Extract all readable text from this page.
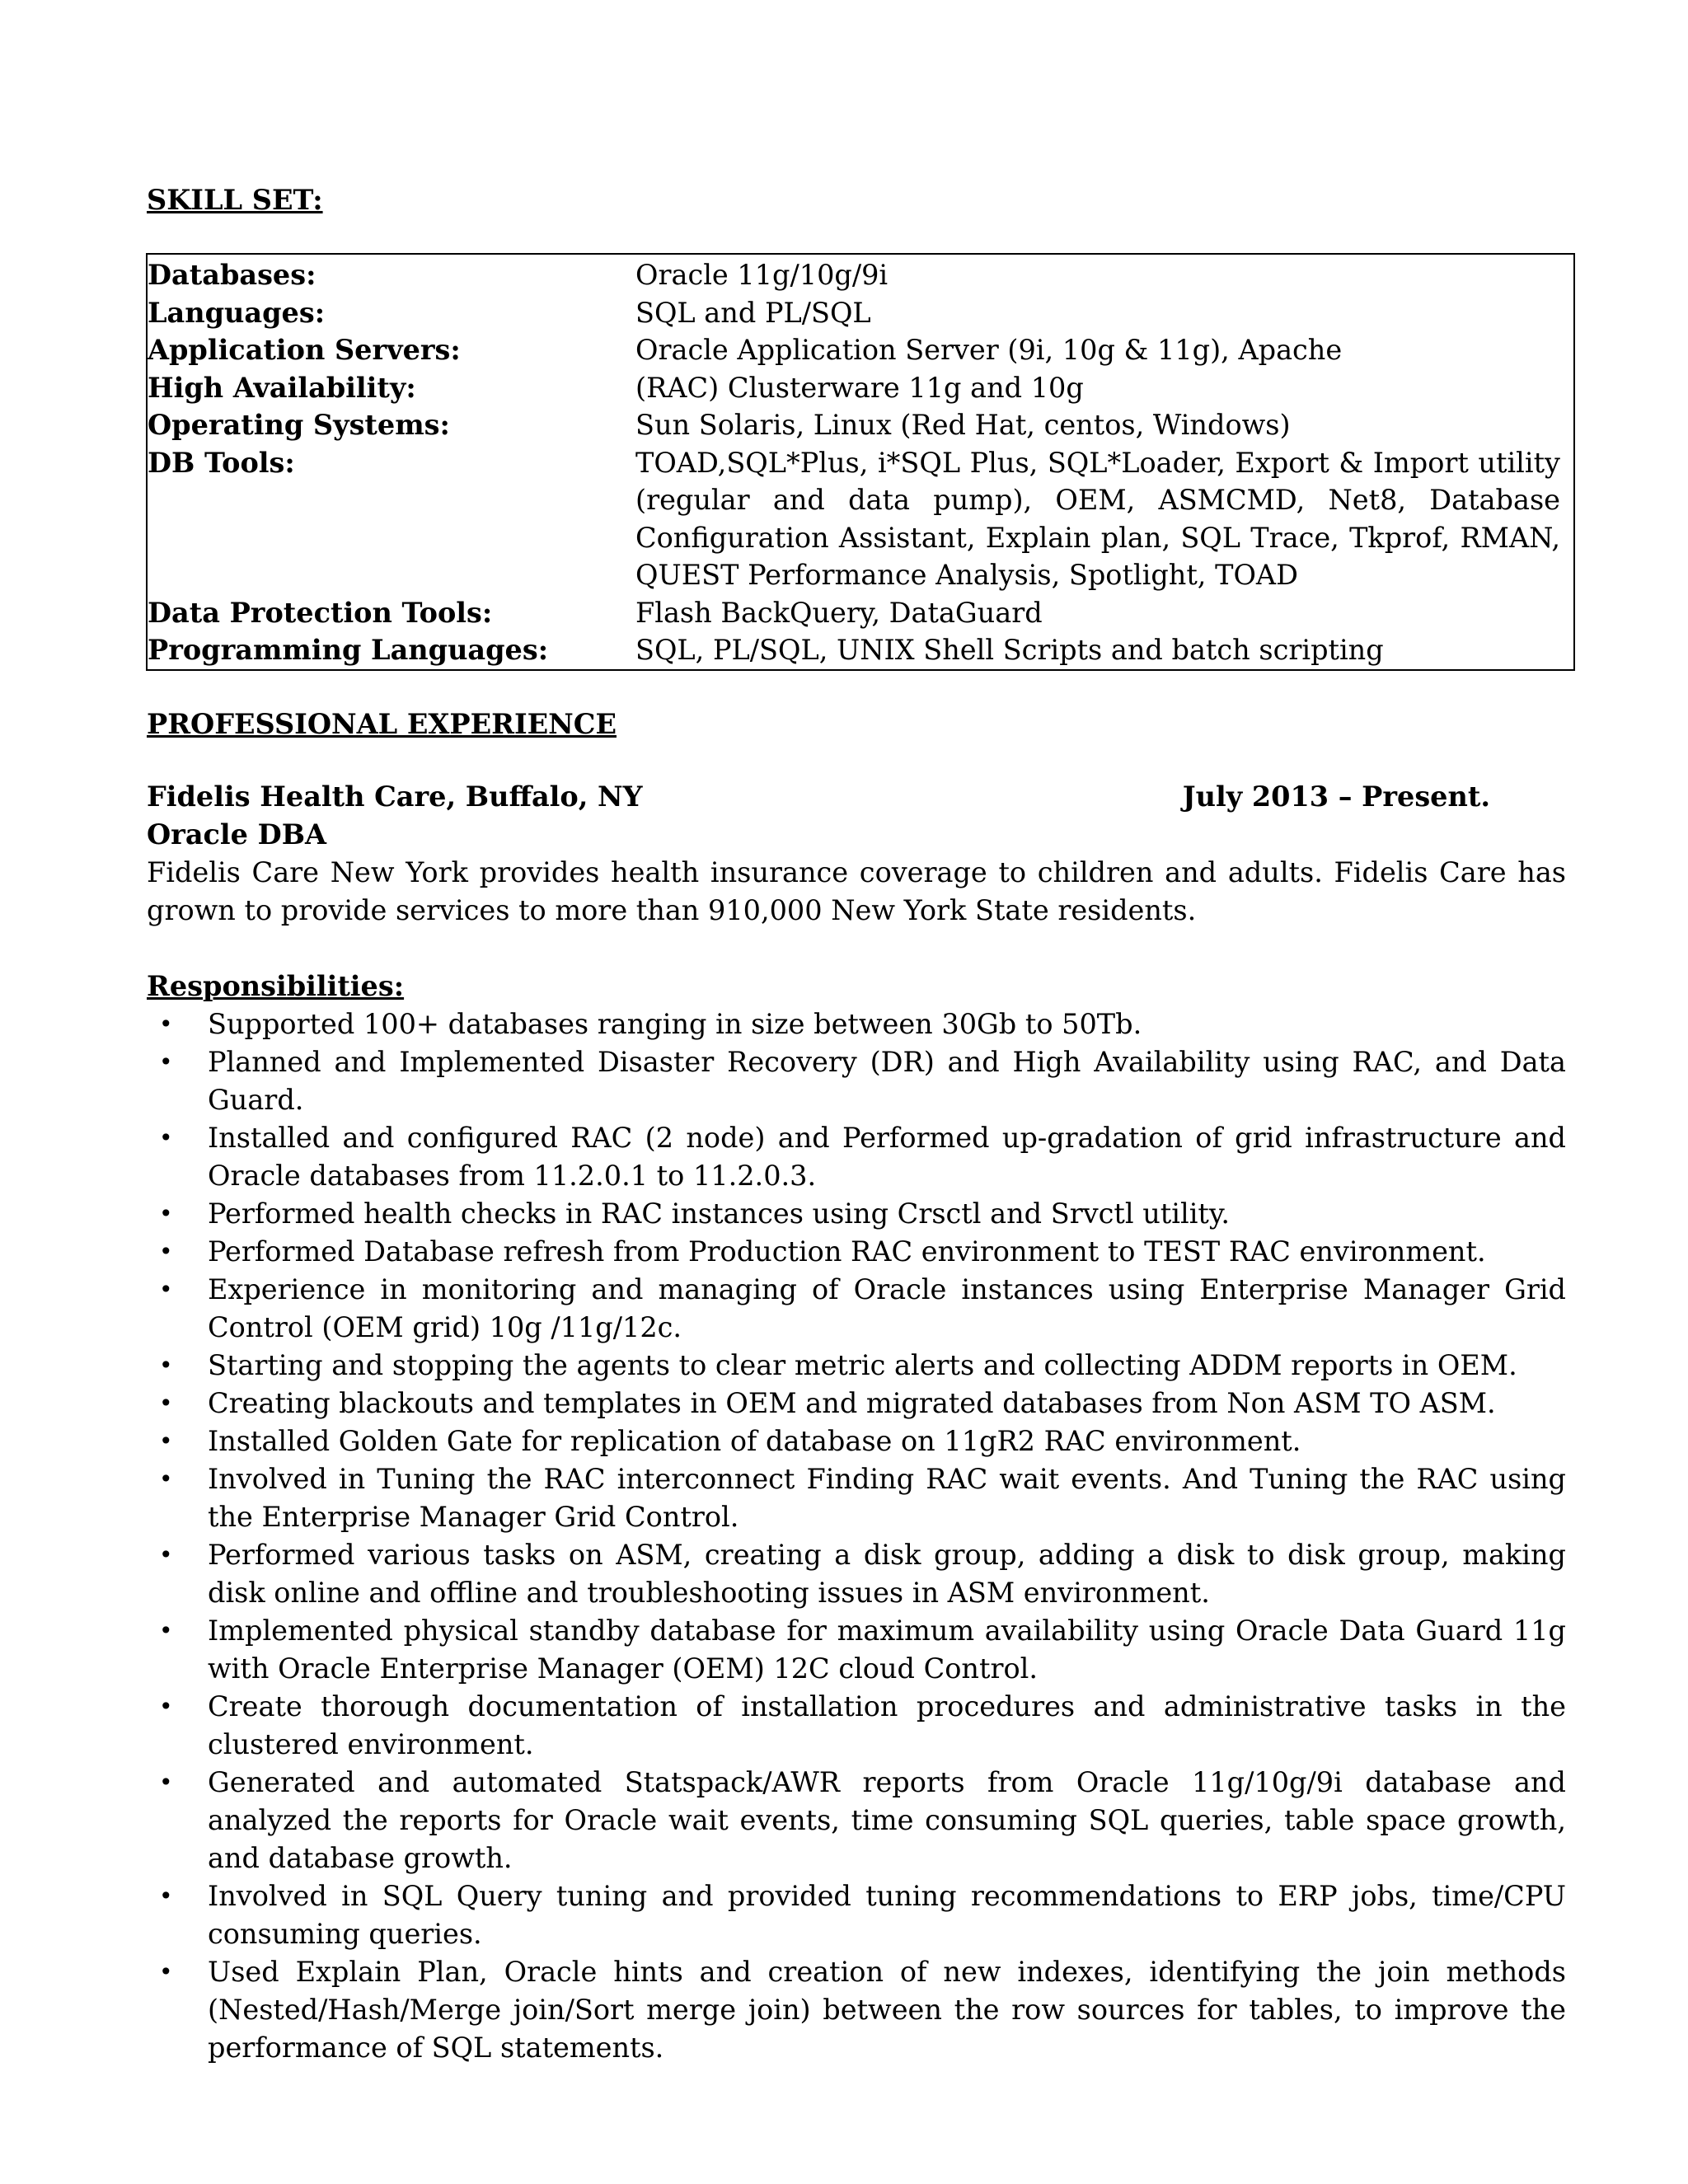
SKILL SET:

Databases:	Oracle 11g/10g/9i
Languages:	SQL and PL/SQL
Application Servers:	Oracle Application Server (9i, 10g & 11g), Apache
High Availability:	(RAC) Clusterware 11g and 10g
Operating Systems:	Sun Solaris, Linux (Red Hat, centos, Windows)
DB Tools:	TOAD,SQL*Plus, i*SQL Plus, SQL*Loader, Export & Import utility (regular and data pump), OEM, ASMCMD, Net8, Database Configuration Assistant, Explain plan, SQL Trace, Tkprof, RMAN, QUEST Performance Analysis, Spotlight, TOAD
Data Protection Tools:	Flash BackQuery, DataGuard
Programming Languages:	SQL, PL/SQL, UNIX Shell Scripts and batch scripting

PROFESSIONAL EXPERIENCE

Fidelis Health Care, Buffalo, NY	July 2013 – Present.
Oracle DBA
Fidelis Care New York provides health insurance coverage to children and adults. Fidelis Care has grown to provide services to more than 910,000 New York State residents.

Responsibilities:

• Supported 100+ databases ranging in size between 30Gb to 50Tb.
• Planned and Implemented Disaster Recovery (DR) and High Availability using RAC, and Data Guard.
• Installed and configured RAC (2 node) and Performed up-gradation of grid infrastructure and Oracle databases from 11.2.0.1 to 11.2.0.3.
• Performed health checks in RAC instances using Crsctl and Srvctl utility.
• Performed Database refresh from Production RAC environment to TEST RAC environment.
• Experience in monitoring and managing of Oracle instances using Enterprise Manager Grid Control (OEM grid) 10g /11g/12c.
• Starting and stopping the agents to clear metric alerts and collecting ADDM reports in OEM.
• Creating blackouts and templates in OEM and migrated databases from Non ASM TO ASM.
• Installed Golden Gate for replication of database on 11gR2 RAC environment.
• Involved in Tuning the RAC interconnect Finding RAC wait events. And Tuning the RAC using the Enterprise Manager Grid Control.
• Performed various tasks on ASM, creating a disk group, adding a disk to disk group, making disk online and offline and troubleshooting issues in ASM environment.
• Implemented physical standby database for maximum availability using Oracle Data Guard 11g with Oracle Enterprise Manager (OEM) 12C cloud Control.
• Create thorough documentation of installation procedures and administrative tasks in the clustered environment.
• Generated and automated Statspack/AWR reports from Oracle 11g/10g/9i database and analyzed the reports for Oracle wait events, time consuming SQL queries, table space growth, and database growth.
• Involved in SQL Query tuning and provided tuning recommendations to ERP jobs, time/CPU consuming queries.
• Used Explain Plan, Oracle hints and creation of new indexes, identifying the join methods (Nested/Hash/Merge join/Sort merge join) between the row sources for tables, to improve the performance of SQL statements.
